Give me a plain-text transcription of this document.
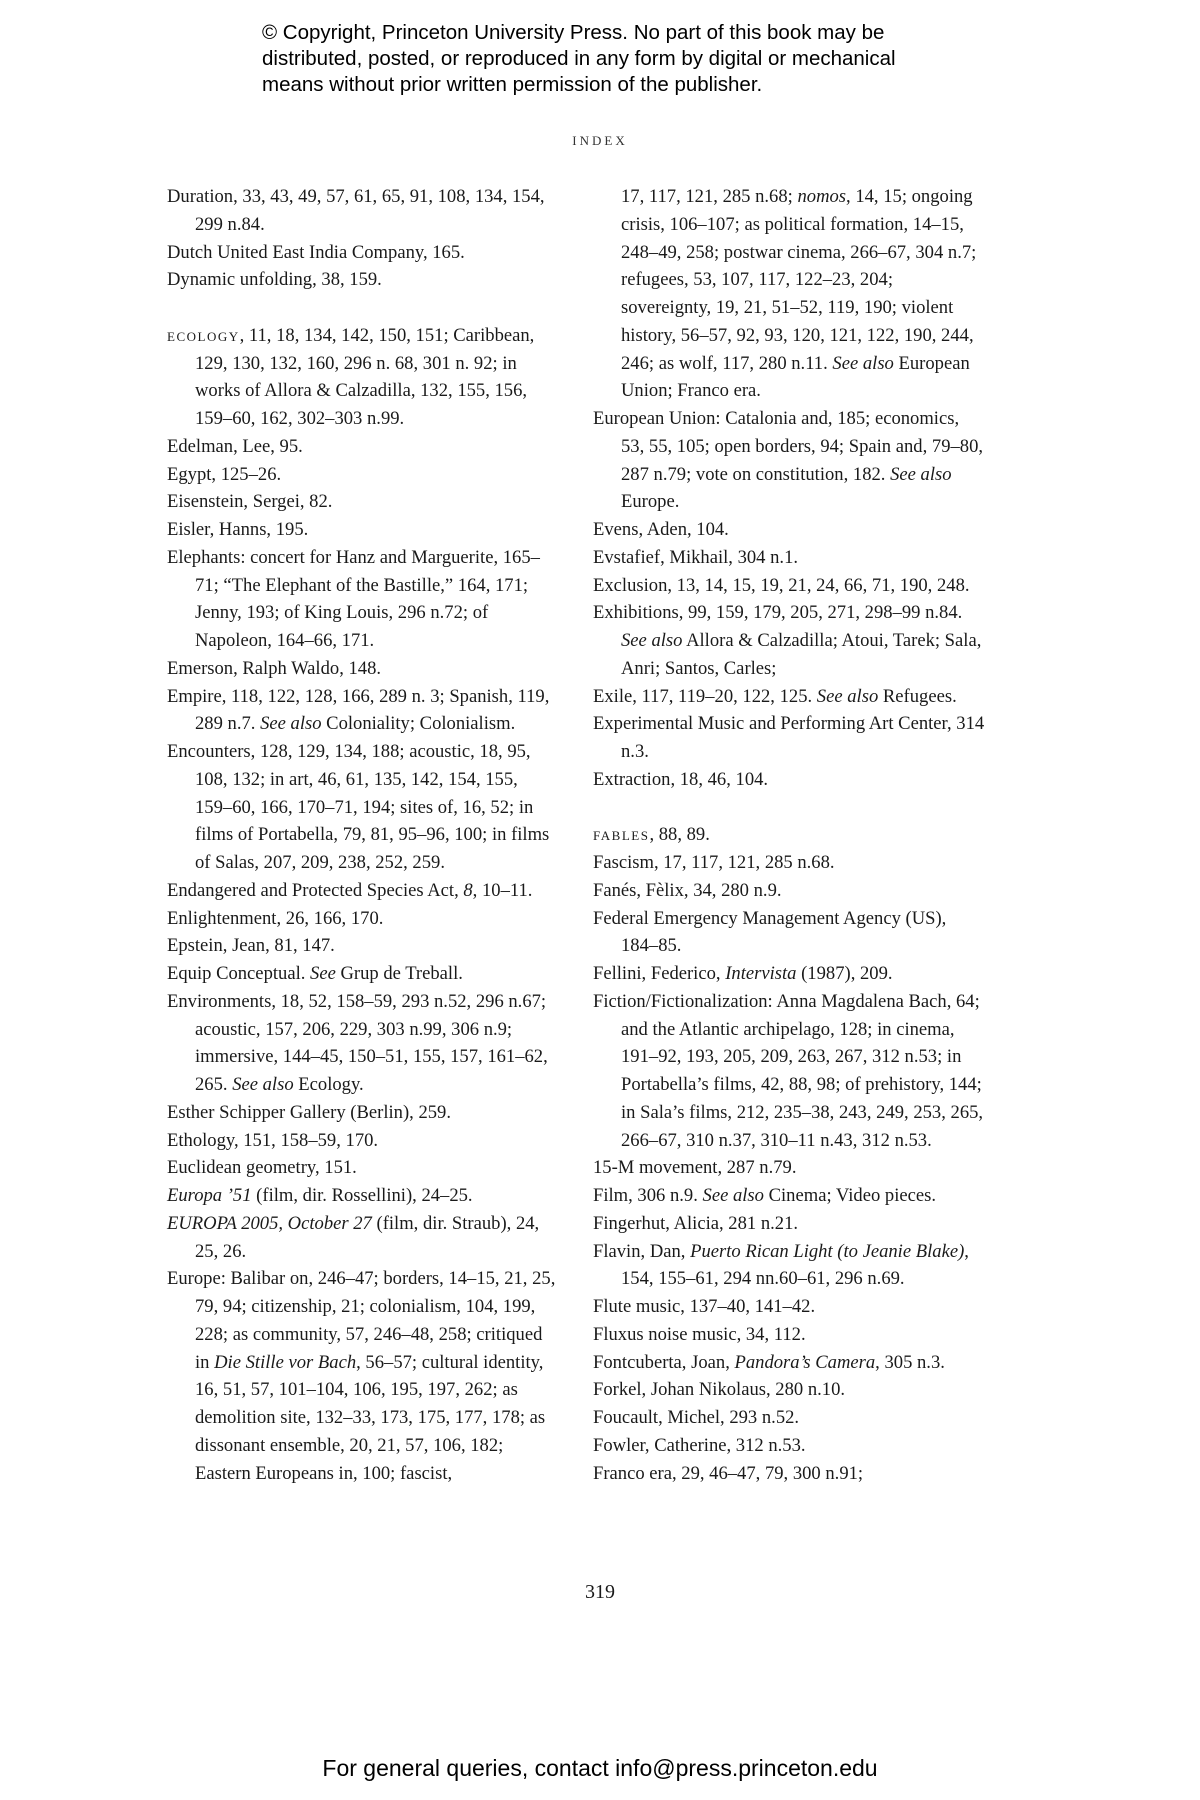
© Copyright, Princeton University Press. No part of this book may be

distributed, posted, or reproduced in any form by digital or mechanical

means without prior written permission of the publisher.

INDEX
Duration, 33, 43, 49, 57, 61, 65, 91, 108, 134, 154, 299 n.84.
Dutch United East India Company, 165.
Dynamic unfolding, 38, 159.
ecology, 11, 18, 134, 142, 150, 151; Caribbean, 129, 130, 132, 160, 296 n. 68, 301 n. 92; in works of Allora & Calzadilla, 132, 155, 156, 159–60, 162, 302–303 n.99.
Edelman, Lee, 95.
Egypt, 125–26.
Eisenstein, Sergei, 82.
Eisler, Hanns, 195.
Elephants: concert for Hanz and Marguerite, 165–71; “The Elephant of the Bastille,” 164, 171; Jenny, 193; of King Louis, 296 n.72; of Napoleon, 164–66, 171.
Emerson, Ralph Waldo, 148.
Empire, 118, 122, 128, 166, 289 n. 3; Spanish, 119, 289 n.7. See also Coloniality; Colonialism.
Encounters, 128, 129, 134, 188; acoustic, 18, 95, 108, 132; in art, 46, 61, 135, 142, 154, 155, 159–60, 166, 170–71, 194; sites of, 16, 52; in films of Portabella, 79, 81, 95–96, 100; in films of Salas, 207, 209, 238, 252, 259.
Endangered and Protected Species Act, 8, 10–11.
Enlightenment, 26, 166, 170.
Epstein, Jean, 81, 147.
Equip Conceptual. See Grup de Treball.
Environments, 18, 52, 158–59, 293 n.52, 296 n.67; acoustic, 157, 206, 229, 303 n.99, 306 n.9; immersive, 144–45, 150–51, 155, 157, 161–62, 265. See also Ecology.
Esther Schipper Gallery (Berlin), 259.
Ethology, 151, 158–59, 170.
Euclidean geometry, 151.
Europa ’51 (film, dir. Rossellini), 24–25.
EUROPA 2005, October 27 (film, dir. Straub), 24, 25, 26.
Europe: Balibar on, 246–47; borders, 14–15, 21, 25, 79, 94; citizenship, 21; colonialism, 104, 199, 228; as community, 57, 246–48, 258; critiqued in Die Stille vor Bach, 56–57; cultural identity, 16, 51, 57, 101–104, 106, 195, 197, 262; as demolition site, 132–33, 173, 175, 177, 178; as dissonant ensemble, 20, 21, 57, 106, 182; Eastern Europeans in, 100; fascist,
17, 117, 121, 285 n.68; nomos, 14, 15; ongoing crisis, 106–107; as political formation, 14–15, 248–49, 258; postwar cinema, 266–67, 304 n.7; refugees, 53, 107, 117, 122–23, 204; sovereignty, 19, 21, 51–52, 119, 190; violent history, 56–57, 92, 93, 120, 121, 122, 190, 244, 246; as wolf, 117, 280 n.11. See also European Union; Franco era.
European Union: Catalonia and, 185; economics, 53, 55, 105; open borders, 94; Spain and, 79–80, 287 n.79; vote on constitution, 182. See also Europe.
Evens, Aden, 104.
Evstafief, Mikhail, 304 n.1.
Exclusion, 13, 14, 15, 19, 21, 24, 66, 71, 190, 248.
Exhibitions, 99, 159, 179, 205, 271, 298–99 n.84. See also Allora & Calzadilla; Atoui, Tarek; Sala, Anri; Santos, Carles;
Exile, 117, 119–20, 122, 125. See also Refugees.
Experimental Music and Performing Art Center, 314 n.3.
Extraction, 18, 46, 104.
fables, 88, 89.
Fascism, 17, 117, 121, 285 n.68.
Fanés, Fèlix, 34, 280 n.9.
Federal Emergency Management Agency (US), 184–85.
Fellini, Federico, Intervista (1987), 209.
Fiction/Fictionalization: Anna Magdalena Bach, 64; and the Atlantic archipelago, 128; in cinema, 191–92, 193, 205, 209, 263, 267, 312 n.53; in Portabella’s films, 42, 88, 98; of prehistory, 144; in Sala’s films, 212, 235–38, 243, 249, 253, 265, 266–67, 310 n.37, 310–11 n.43, 312 n.53.
15-M movement, 287 n.79.
Film, 306 n.9. See also Cinema; Video pieces.
Fingerhut, Alicia, 281 n.21.
Flavin, Dan, Puerto Rican Light (to Jeanie Blake), 154, 155–61, 294 nn.60–61, 296 n.69.
Flute music, 137–40, 141–42.
Fluxus noise music, 34, 112.
Fontcuberta, Joan, Pandora’s Camera, 305 n.3.
Forkel, Johan Nikolaus, 280 n.10.
Foucault, Michel, 293 n.52.
Fowler, Catherine, 312 n.53.
Franco era, 29, 46–47, 79, 300 n.91;
319
For general queries, contact info@press.princeton.edu
